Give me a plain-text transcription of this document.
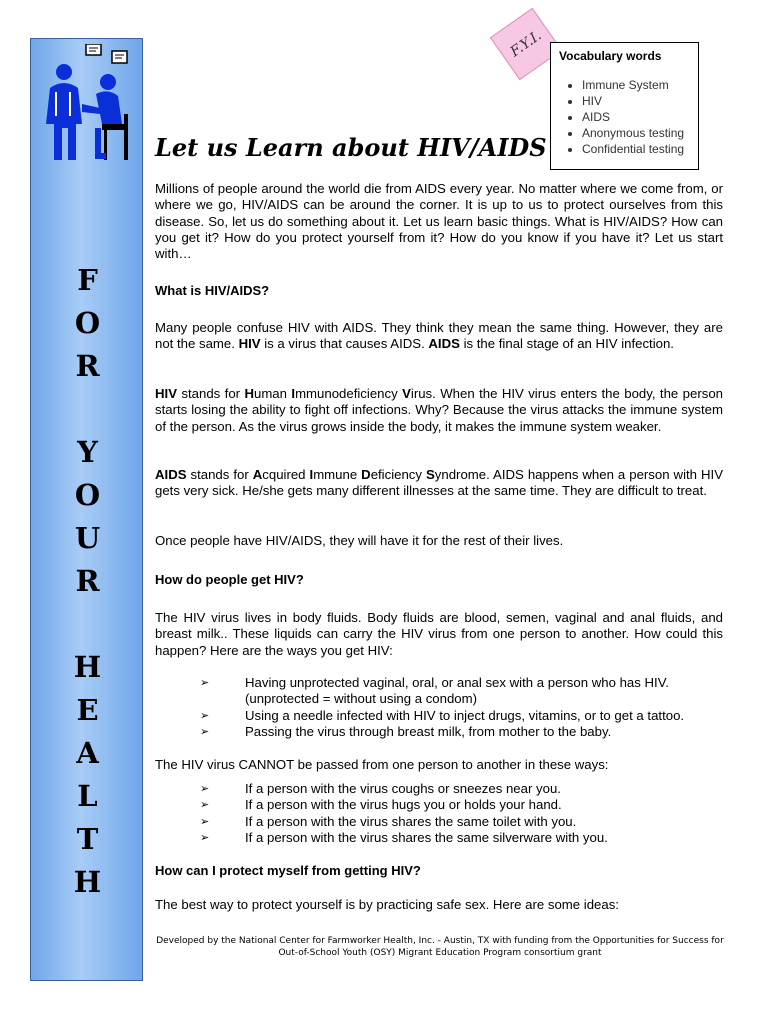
F
O
R
Y
O
U
R
H
E
A
L
T
H
F.Y.I.	Vocabulary words
• Immune System
• HIV
• AIDS
• Anonymous testing
• Confidential testing
Let us Learn about HIV/AIDS
Millions of people around the world die from AIDS every year. No matter where we come from, or where we go, HIV/AIDS can be around the corner. It is up to us to protect ourselves from this disease. So, let us do something about it. Let us learn basic things. What is HIV/AIDS? How can you get it? How do you protect yourself from it? How do you know if you have it? Let us start with…
What is HIV/AIDS?
Many people confuse HIV with AIDS. They think they mean the same thing. However, they are not the same. HIV is a virus that causes AIDS. AIDS is the final stage of an HIV infection.
HIV stands for Human Immunodeficiency Virus. When the HIV virus enters the body, the person starts losing the ability to fight off infections. Why? Because the virus attacks the immune system of the person. As the virus grows inside the body, it makes the immune system weaker.
AIDS stands for Acquired Immune Deficiency Syndrome. AIDS happens when a person with HIV gets very sick. He/she gets many different illnesses at the same time. They are difficult to treat.
Once people have HIV/AIDS, they will have it for the rest of their lives.
How do people get HIV?
The HIV virus lives in body fluids. Body fluids are blood, semen, vaginal and anal fluids, and breast milk.. These liquids can carry the HIV virus from one person to another. How could this happen? Here are the ways you get HIV:
➢	Having unprotected vaginal, oral, or anal sex with a person who has HIV. (unprotected = without using a condom)
➢	Using a needle infected with HIV to inject drugs, vitamins, or to get a tattoo.
➢	Passing the virus through breast milk, from mother to the baby.
The HIV virus CANNOT be passed from one person to another in these ways:
➢	If a person with the virus coughs or sneezes near you.
➢	If a person with the virus hugs you or holds your hand.
➢	If a person with the virus shares the same toilet with you.
➢	If a person with the virus shares the same silverware with you.
How can I protect myself from getting HIV?
The best way to protect yourself is by practicing safe sex. Here are some ideas:
Developed by the National Center for Farmworker Health, Inc. - Austin, TX with funding from the Opportunities for Success for
Out-of-School Youth (OSY) Migrant Education Program consortium grant
